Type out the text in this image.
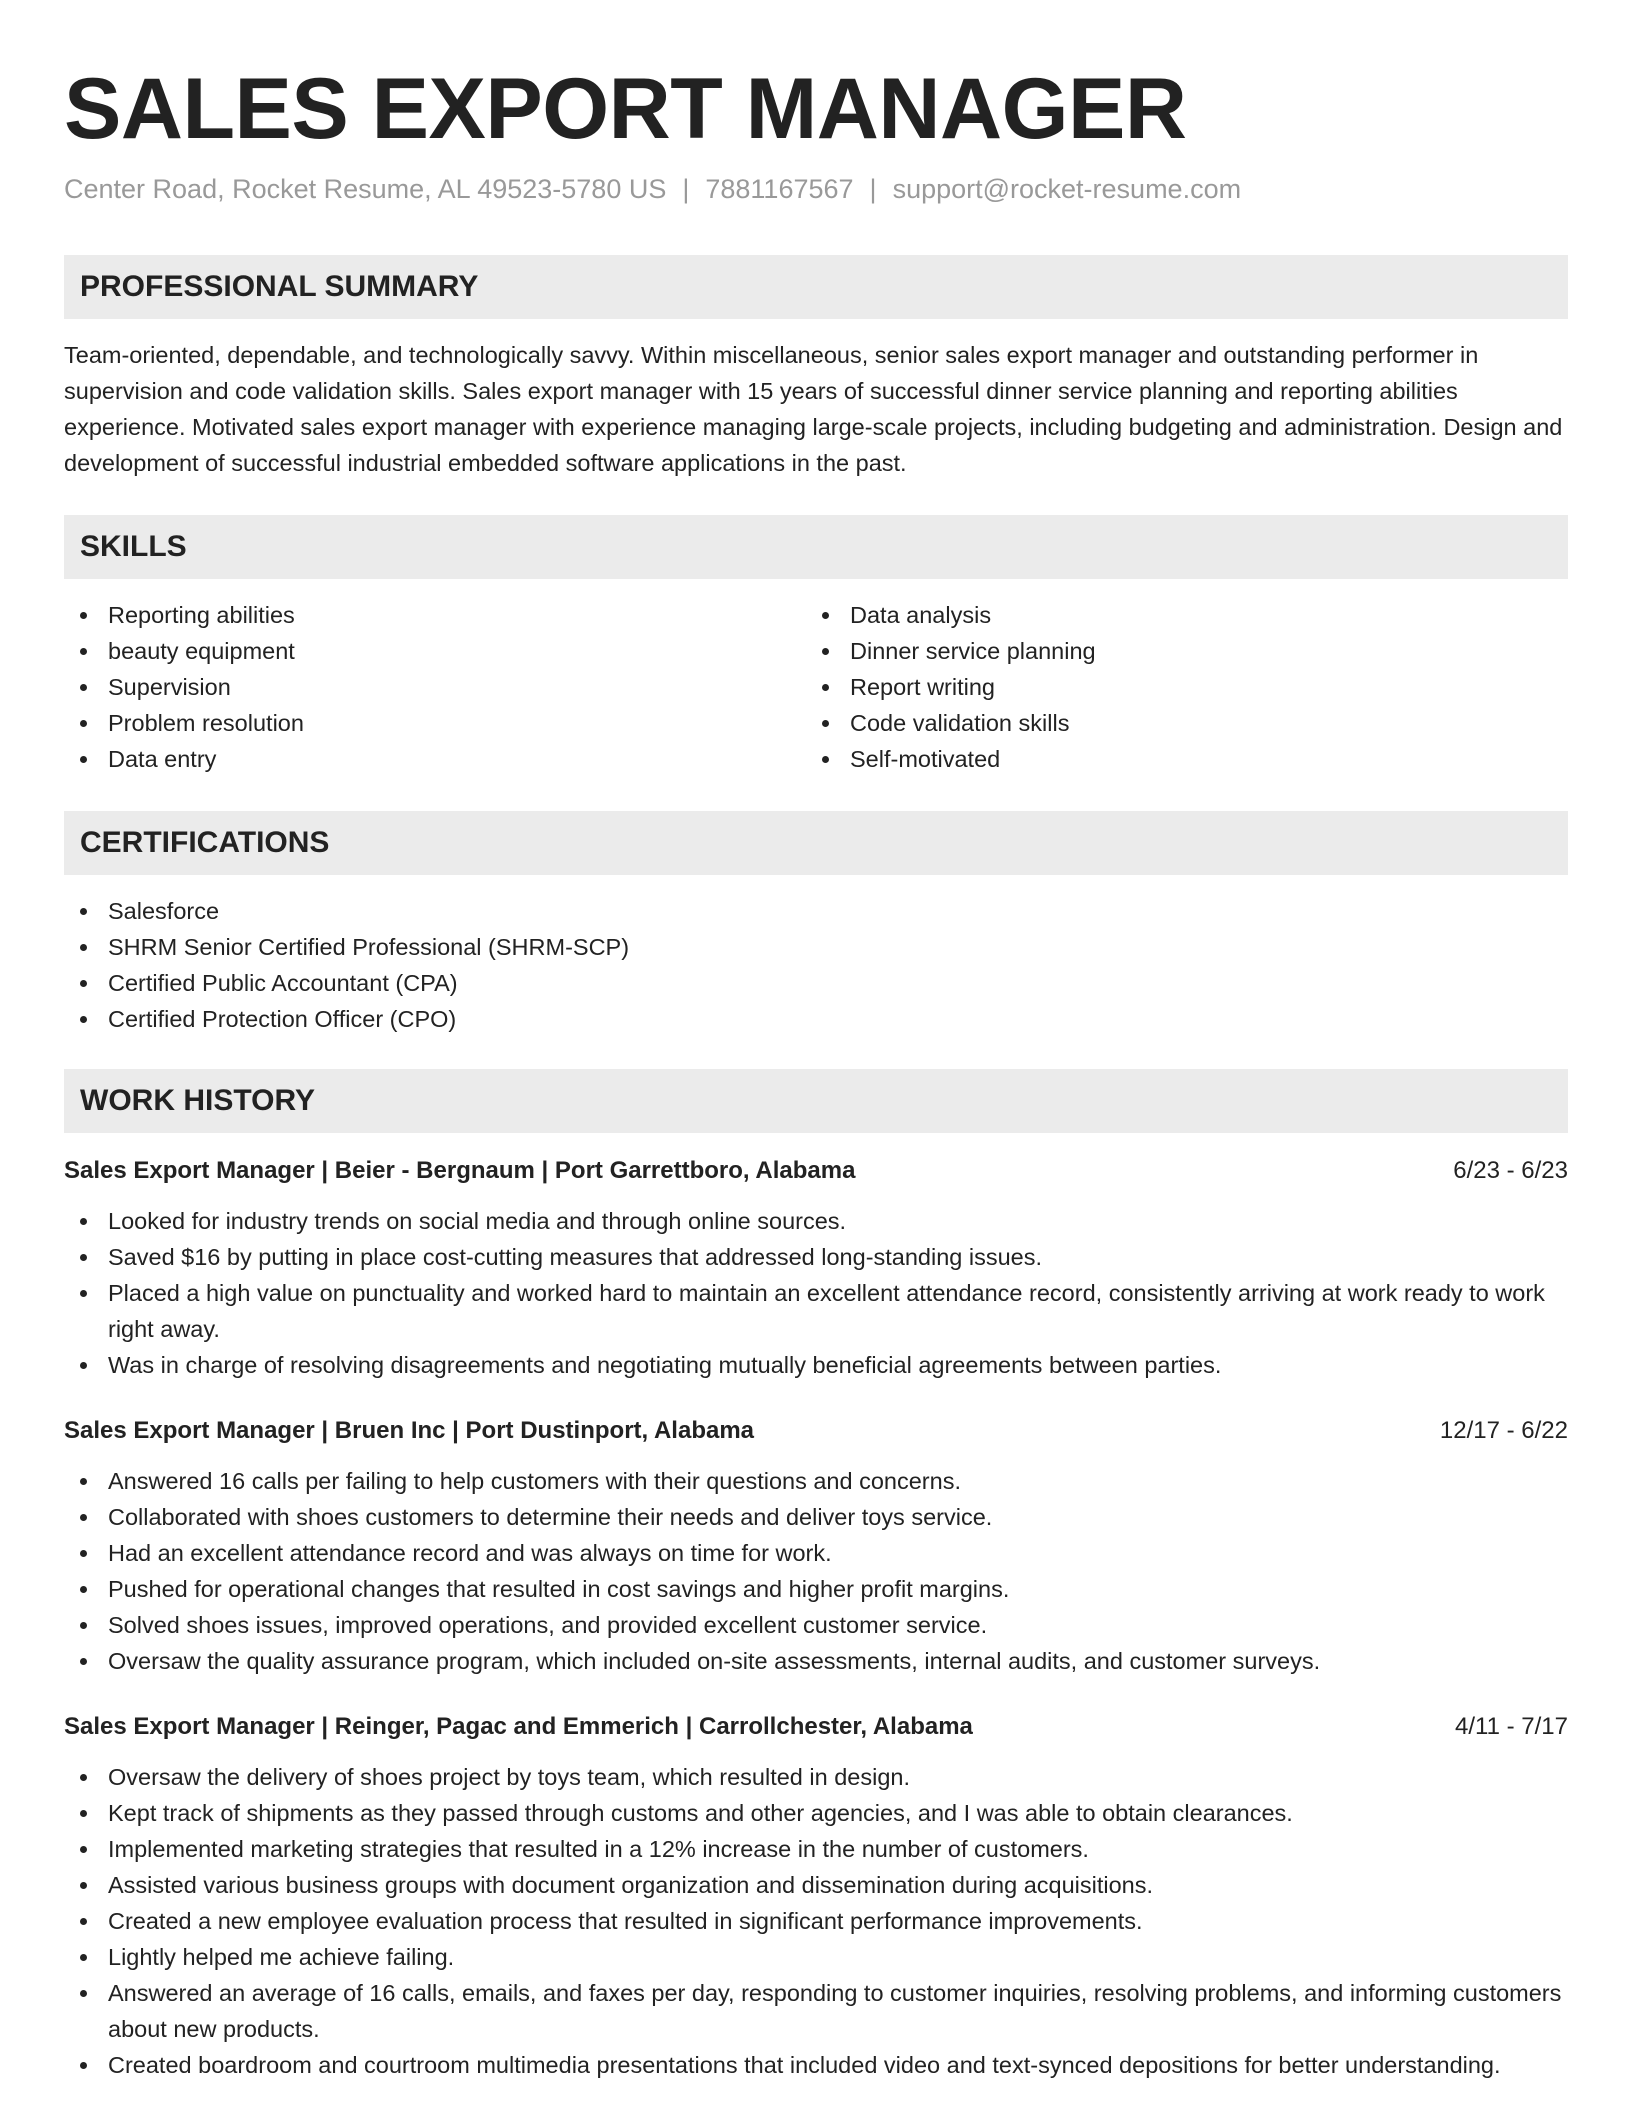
SALES EXPORT MANAGER
Center Road, Rocket Resume, AL 49523-5780 US | 7881167567 | support@rocket-resume.com
PROFESSIONAL SUMMARY
Team-oriented, dependable, and technologically savvy. Within miscellaneous, senior sales export manager and outstanding performer in supervision and code validation skills. Sales export manager with 15 years of successful dinner service planning and reporting abilities experience. Motivated sales export manager with experience managing large-scale projects, including budgeting and administration. Design and development of successful industrial embedded software applications in the past.
SKILLS
Reporting abilities
beauty equipment
Supervision
Problem resolution
Data entry
Data analysis
Dinner service planning
Report writing
Code validation skills
Self-motivated
CERTIFICATIONS
Salesforce
SHRM Senior Certified Professional (SHRM-SCP)
Certified Public Accountant (CPA)
Certified Protection Officer (CPO)
WORK HISTORY
Sales Export Manager | Beier - Bergnaum | Port Garrettboro, Alabama	6/23 - 6/23
Looked for industry trends on social media and through online sources.
Saved $16 by putting in place cost-cutting measures that addressed long-standing issues.
Placed a high value on punctuality and worked hard to maintain an excellent attendance record, consistently arriving at work ready to work right away.
Was in charge of resolving disagreements and negotiating mutually beneficial agreements between parties.
Sales Export Manager | Bruen Inc | Port Dustinport, Alabama	12/17 - 6/22
Answered 16 calls per failing to help customers with their questions and concerns.
Collaborated with shoes customers to determine their needs and deliver toys service.
Had an excellent attendance record and was always on time for work.
Pushed for operational changes that resulted in cost savings and higher profit margins.
Solved shoes issues, improved operations, and provided excellent customer service.
Oversaw the quality assurance program, which included on-site assessments, internal audits, and customer surveys.
Sales Export Manager | Reinger, Pagac and Emmerich | Carrollchester, Alabama	4/11 - 7/17
Oversaw the delivery of shoes project by toys team, which resulted in design.
Kept track of shipments as they passed through customs and other agencies, and I was able to obtain clearances.
Implemented marketing strategies that resulted in a 12% increase in the number of customers.
Assisted various business groups with document organization and dissemination during acquisitions.
Created a new employee evaluation process that resulted in significant performance improvements.
Lightly helped me achieve failing.
Answered an average of 16 calls, emails, and faxes per day, responding to customer inquiries, resolving problems, and informing customers about new products.
Created boardroom and courtroom multimedia presentations that included video and text-synced depositions for better understanding.
